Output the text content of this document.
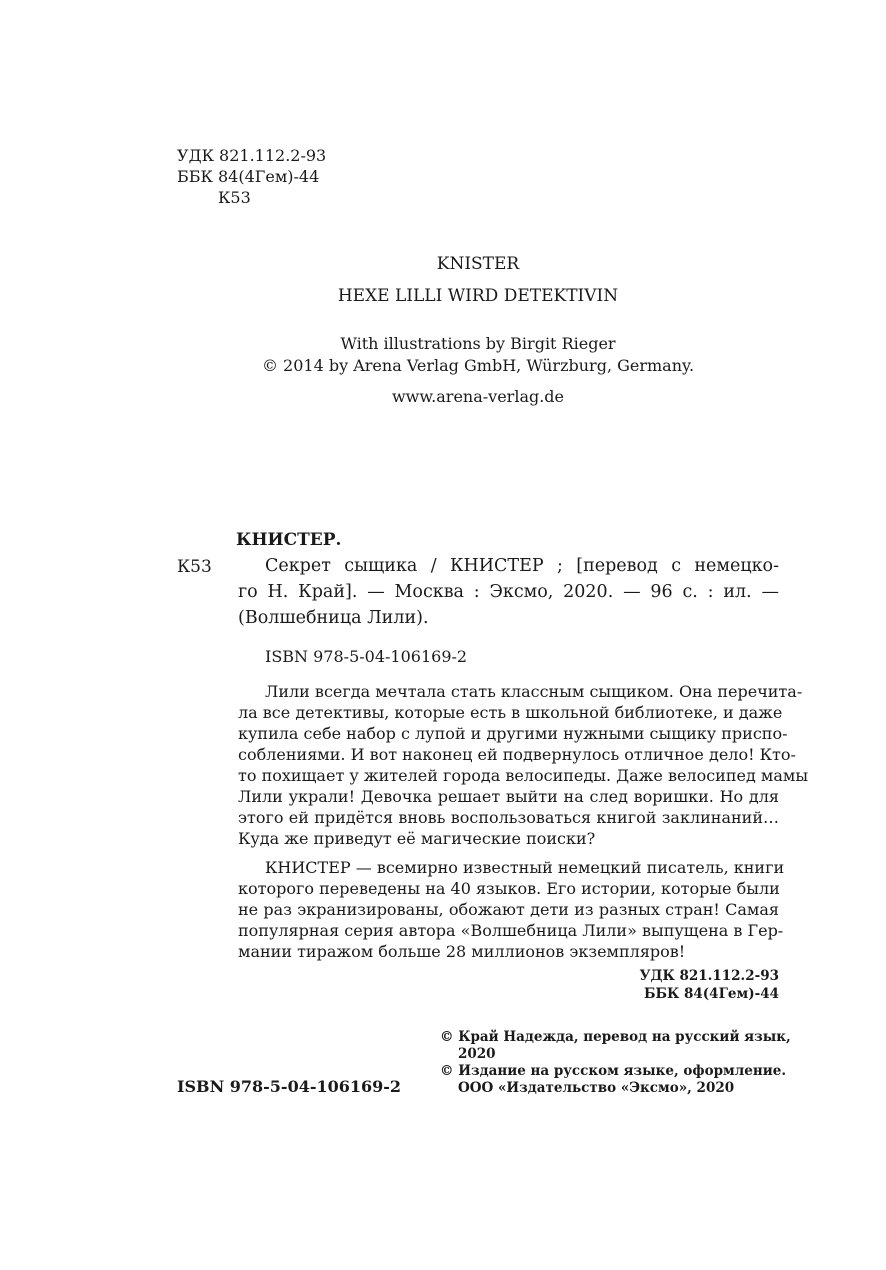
УДК 821.112.2-93
ББК 84(4Гем)-44
К53
KNISTER
HEXE LILLI WIRD DETEKTIVIN
With illustrations by Birgit Rieger
© 2014 by Arena Verlag GmbH, Würzburg, Germany.
www.arena-verlag.de
КНИСТЕР.
К53	Секрет сыщика / КНИСТЕР ; [перевод с немецко-
го Н. Край]. — Москва : Эксмо, 2020. — 96 с. : ил. —
(Волшебница Лили).
ISBN 978-5-04-106169-2
Лили всегда мечтала стать классным сыщиком. Она перечита-
ла все детективы, которые есть в школьной библиотеке, и даже
купила себе набор с лупой и другими нужными сыщику приспо-
соблениями. И вот наконец ей подвернулось отличное дело! Кто-
то похищает у жителей города велосипеды. Даже велосипед мамы
Лили украли! Девочка решает выйти на след воришки. Но для
этого ей придётся вновь воспользоваться книгой заклинаний…
Куда же приведут её магические поиски?
КНИСТЕР — всемирно известный немецкий писатель, книги
которого переведены на 40 языков. Его истории, которые были
не раз экранизированы, обожают дети из разных стран! Самая
популярная серия автора «Волшебница Лили» выпущена в Гер-
мании тиражом больше 28 миллионов экземпляров!
УДК 821.112.2-93
ББК 84(4Гем)-44
© Край Надежда, перевод на русский язык,
2020
© Издание на русском языке, оформление.
ООО «Издательство «Эксмо», 2020
ISBN 978-5-04-106169-2
